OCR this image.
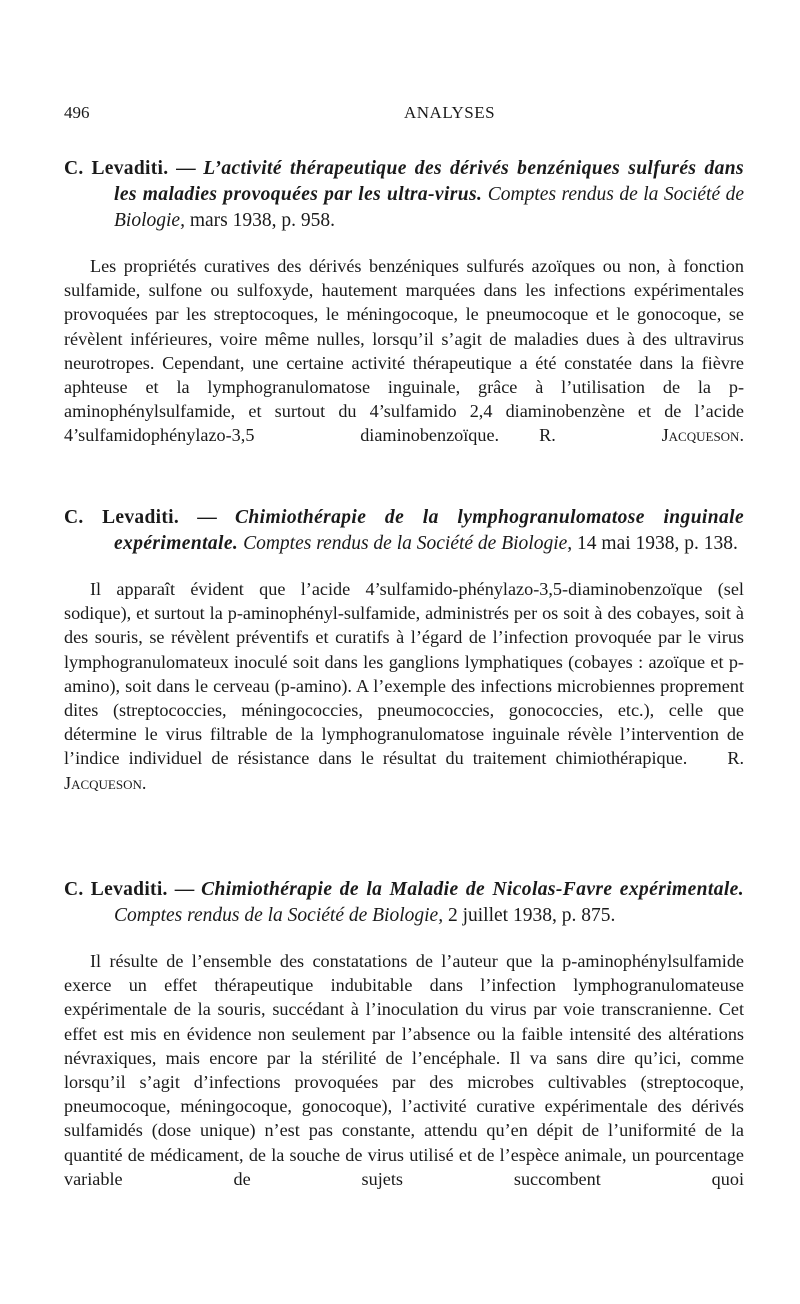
496	ANALYSES

C. Levaditi. — L’activité thérapeutique des dérivés benzéniques sulfurés dans les maladies provoquées par les ultra-virus. Comptes rendus de la Société de Biologie, mars 1938, p. 958.

Les propriétés curatives des dérivés benzéniques sulfurés azoïques ou non, à fonction sulfamide, sulfone ou sulfoxyde, hautement marquées dans les infections expérimentales provoquées par les streptocoques, le méningocoque, le pneumocoque et le gonocoque, se révèlent inférieures, voire même nulles, lorsqu’il s’agit de maladies dues à des ultravirus neurotropes. Cependant, une certaine activité thérapeutique a été constatée dans la fièvre aphteuse et la lymphogranulomatose inguinale, grâce à l’utilisation de la p-aminophénylsulfamide, et surtout du 4’sulfamido 2,4 diaminobenzène et de l’acide 4’sulfamidophénylazo-3,5 diaminobenzoïque. R. Jacqueson.

C. Levaditi. — Chimiothérapie de la lymphogranulomatose inguinale expérimentale. Comptes rendus de la Société de Biologie, 14 mai 1938, p. 138.

Il apparaît évident que l’acide 4’sulfamido-phénylazo-3,5-diaminobenzoïque (sel sodique), et surtout la p-aminophényl-sulfamide, administrés per os soit à des cobayes, soit à des souris, se révèlent préventifs et curatifs à l’égard de l’infection provoquée par le virus lymphogranulomateux inoculé soit dans les ganglions lymphatiques (cobayes : azoïque et p-amino), soit dans le cerveau (p-amino). A l’exemple des infections microbiennes proprement dites (streptococcies, méningococcies, pneumococcies, gonococcies, etc.), celle que détermine le virus filtrable de la lymphogranulomatose inguinale révèle l’intervention de l’indice individuel de résistance dans le résultat du traitement chimiothérapique. R. Jacqueson.

C. Levaditi. — Chimiothérapie de la Maladie de Nicolas-Favre expérimentale. Comptes rendus de la Société de Biologie, 2 juillet 1938, p. 875.

Il résulte de l’ensemble des constatations de l’auteur que la p-aminophénylsulfamide exerce un effet thérapeutique indubitable dans l’infection lymphogranulomateuse expérimentale de la souris, succédant à l’inoculation du virus par voie transcranienne. Cet effet est mis en évidence non seulement par l’absence ou la faible intensité des altérations névraxiques, mais encore par la stérilité de l’encéphale. Il va sans dire qu’ici, comme lorsqu’il s’agit d’infections provoquées par des microbes cultivables (streptocoque, pneumocoque, méningocoque, gonocoque), l’activité curative expérimentale des dérivés sulfamidés (dose unique) n’est pas constante, attendu qu’en dépit de l’uniformité de la quantité de médicament, de la souche de virus utilisé et de l’espèce animale, un pourcentage variable de sujets succombent quoi
